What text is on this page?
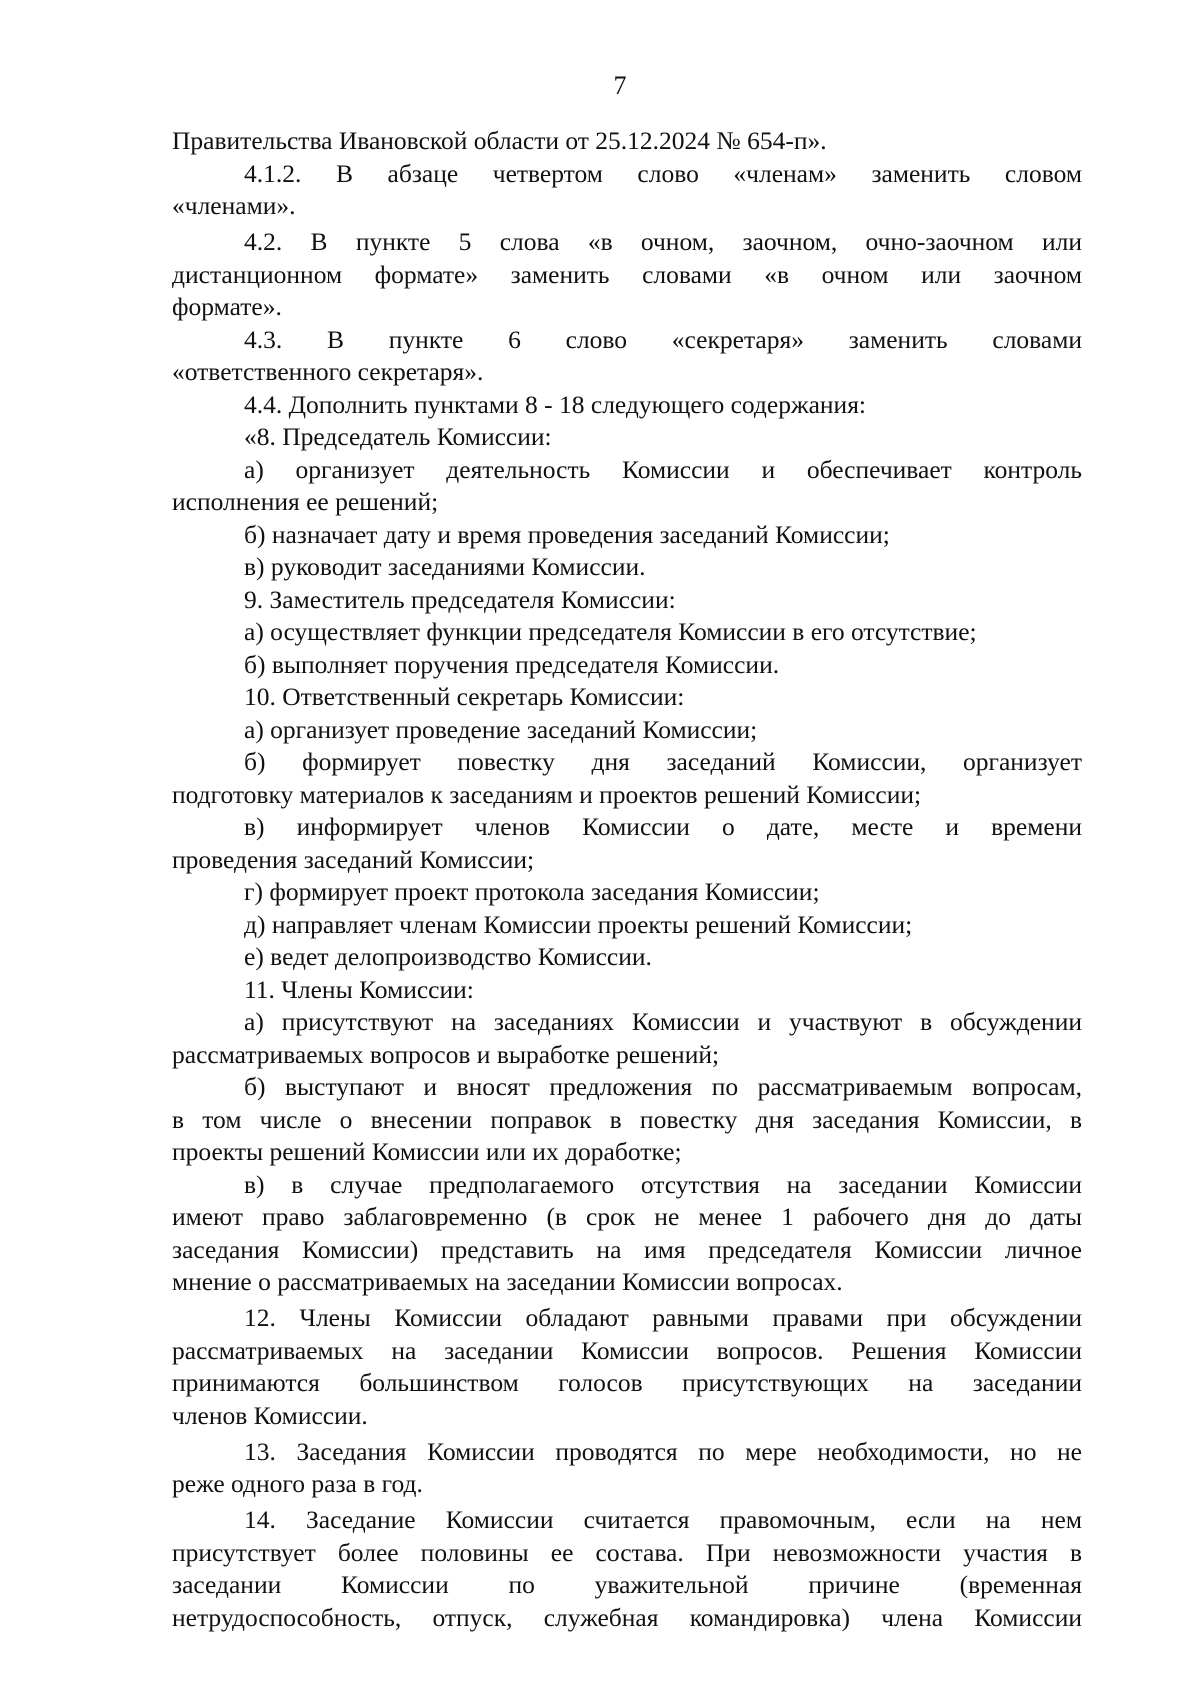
7
Правительства Ивановской области от 25.12.2024 № 654-п».
4.1.2. В абзаце четвертом слово «членам» заменить словом
«членами».
4.2. В пункте 5 слова «в очном, заочном, очно-заочном или
дистанционном формате» заменить словами «в очном или заочном
формате».
4.3. В пункте 6 слово «секретаря» заменить словами
«ответственного секретаря».
4.4. Дополнить пунктами 8 - 18 следующего содержания:
«8. Председатель Комиссии:
а) организует деятельность Комиссии и обеспечивает контроль
исполнения ее решений;
б) назначает дату и время проведения заседаний Комиссии;
в) руководит заседаниями Комиссии.
9. Заместитель председателя Комиссии:
а) осуществляет функции председателя Комиссии в его отсутствие;
б) выполняет поручения председателя Комиссии.
10. Ответственный секретарь Комиссии:
а) организует проведение заседаний Комиссии;
б) формирует повестку дня заседаний Комиссии, организует
подготовку материалов к заседаниям и проектов решений Комиссии;
в) информирует членов Комиссии о дате, месте и времени
проведения заседаний Комиссии;
г) формирует проект протокола заседания Комиссии;
д) направляет членам Комиссии проекты решений Комиссии;
е) ведет делопроизводство Комиссии.
11. Члены Комиссии:
а) присутствуют на заседаниях Комиссии и участвуют в обсуждении
рассматриваемых вопросов и выработке решений;
б) выступают и вносят предложения по рассматриваемым вопросам,
в том числе о внесении поправок в повестку дня заседания Комиссии, в
проекты решений Комиссии или их доработке;
в) в случае предполагаемого отсутствия на заседании Комиссии
имеют право заблаговременно (в срок не менее 1 рабочего дня до даты
заседания Комиссии) представить на имя председателя Комиссии личное
мнение о рассматриваемых на заседании Комиссии вопросах.
12. Члены Комиссии обладают равными правами при обсуждении
рассматриваемых на заседании Комиссии вопросов. Решения Комиссии
принимаются большинством голосов присутствующих на заседании
членов Комиссии.
13. Заседания Комиссии проводятся по мере необходимости, но не
реже одного раза в год.
14. Заседание Комиссии считается правомочным, если на нем
присутствует более половины ее состава. При невозможности участия в
заседании Комиссии по уважительной причине (временная
нетрудоспособность, отпуск, служебная командировка) члена Комиссии
